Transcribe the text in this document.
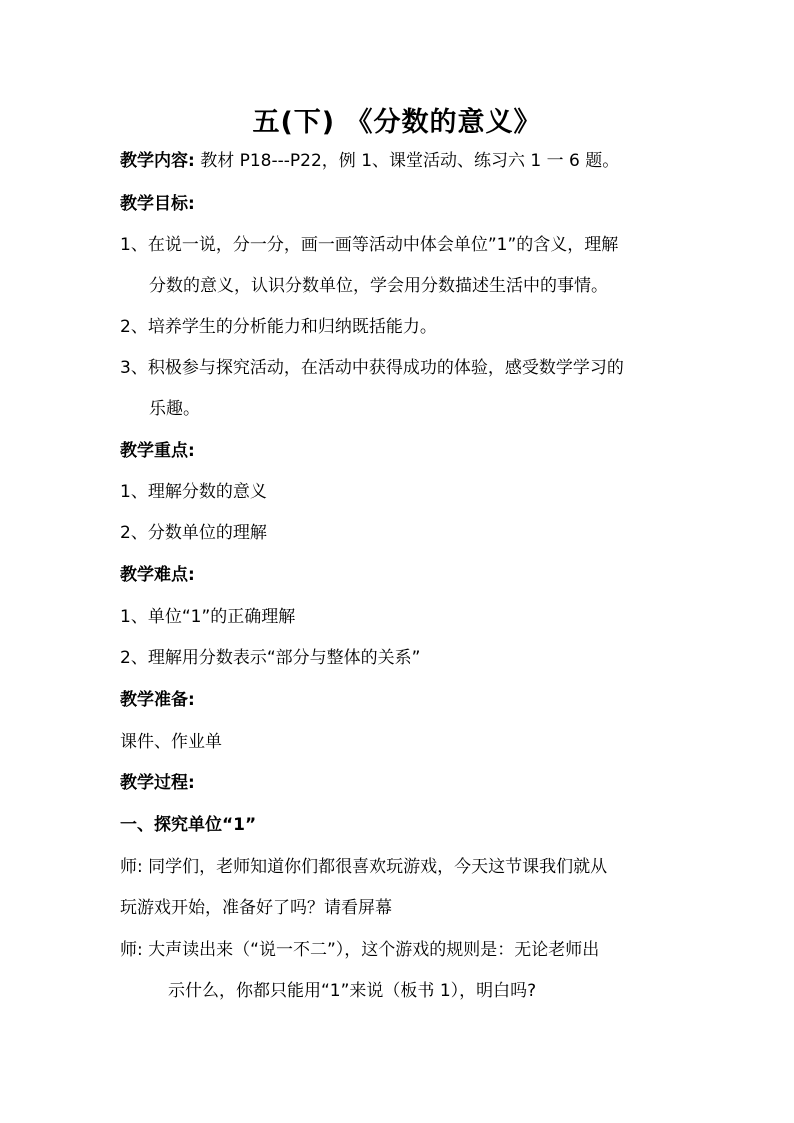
五(下) 《分数的意义》
教学内容: 教材 P18---P22，例 1、课堂活动、练习六 1 一 6 题。
教学目标:
1、在说一说，分一分，画一画等活动中体会单位”1”的含义，理解
分数的意义，认识分数单位，学会用分数描述生活中的事情。
2、培养学生的分析能力和归纳既括能力。
3、积极参与探究活动，在活动中获得成功的体验，感受数学学习的
乐趣。
教学重点:
1、理解分数的意义
2、分数单位的理解
教学难点:
1、单位“1”的正确理解
2、理解用分数表示“部分与整体的关系”
教学准备:
课件、作业单
教学过程:
一、探究单位“1”
师: 同学们，老师知道你们都很喜欢玩游戏，今天这节课我们就从
玩游戏开始，准备好了吗？请看屏幕
师: 大声读出来（“说一不二”），这个游戏的规则是：无论老师出
示什么，你都只能用“1”来说（板书 1），明白吗?
